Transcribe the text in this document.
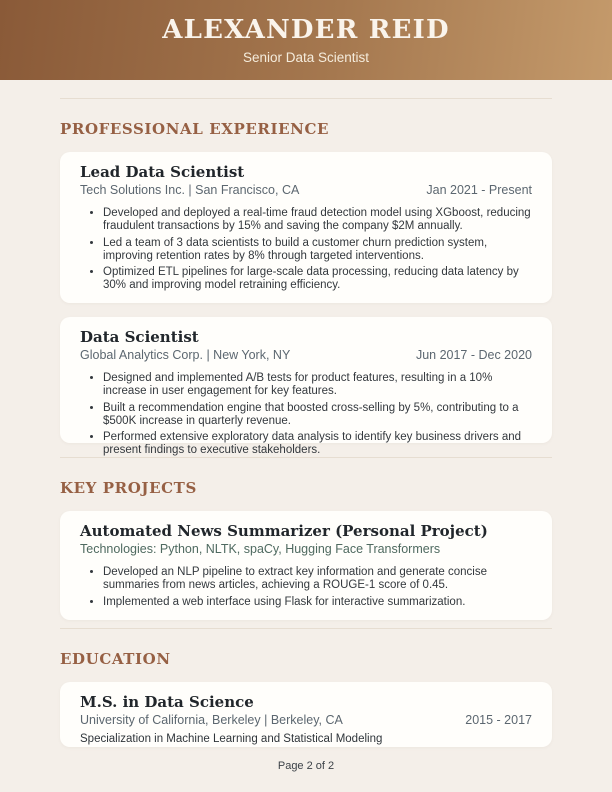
ALEXANDER REID
Senior Data Scientist
PROFESSIONAL EXPERIENCE
Lead Data Scientist
Tech Solutions Inc. | San Francisco, CA	Jan 2021 - Present
• Developed and deployed a real-time fraud detection model using XGboost, reducing fraudulent transactions by 15% and saving the company $2M annually.
• Led a team of 3 data scientists to build a customer churn prediction system, improving retention rates by 8% through targeted interventions.
• Optimized ETL pipelines for large-scale data processing, reducing data latency by 30% and improving model retraining efficiency.
Data Scientist
Global Analytics Corp. | New York, NY	Jun 2017 - Dec 2020
• Designed and implemented A/B tests for product features, resulting in a 10% increase in user engagement for key features.
• Built a recommendation engine that boosted cross-selling by 5%, contributing to a $500K increase in quarterly revenue.
• Performed extensive exploratory data analysis to identify key business drivers and present findings to executive stakeholders.
KEY PROJECTS
Automated News Summarizer (Personal Project)
Technologies: Python, NLTK, spaCy, Hugging Face Transformers
• Developed an NLP pipeline to extract key information and generate concise summaries from news articles, achieving a ROUGE-1 score of 0.45.
• Implemented a web interface using Flask for interactive summarization.
EDUCATION
M.S. in Data Science
University of California, Berkeley | Berkeley, CA	2015 - 2017
Specialization in Machine Learning and Statistical Modeling
Page 2 of 2
